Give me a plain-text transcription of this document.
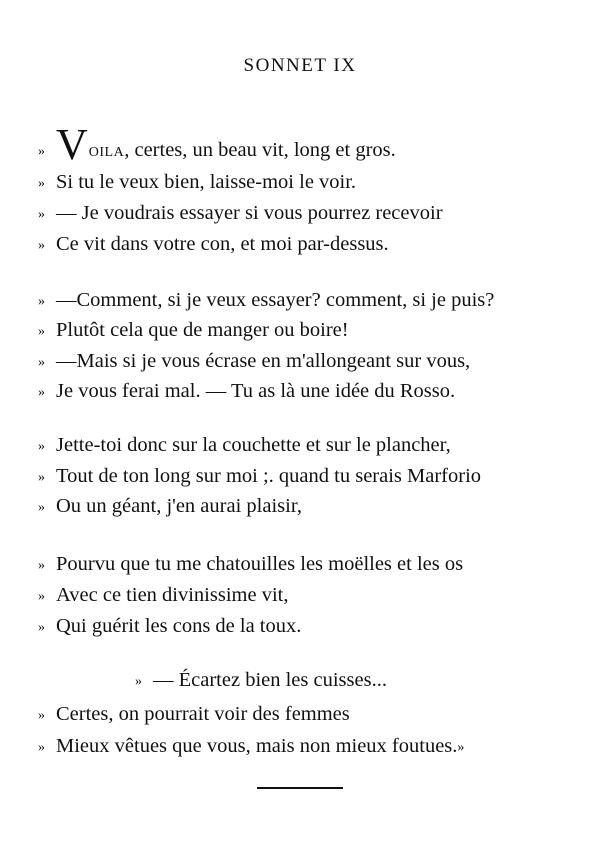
SONNET IX
» VOILA, certes, un beau vit, long et gros.
» Si tu le veux bien, laisse-moi le voir.
» — Je voudrais essayer si vous pourrez recevoir
» Ce vit dans votre con, et moi par-dessus.
» —Comment, si je veux essayer? comment, si je puis?
» Plutôt cela que de manger ou boire!
» —Mais si je vous écrase en m'allongeant sur vous,
» Je vous ferai mal. — Tu as là une idée du Rosso.
» Jette-toi donc sur la couchette et sur le plancher,
» Tout de ton long sur moi ;. quand tu serais Marforio
» Ou un géant, j'en aurai plaisir,
» Pourvu que tu me chatouilles les moëlles et les os
» Avec ce tien divinissime vit,
» Qui guérit les cons de la toux.
» — Écartez bien les cuisses...
» Certes, on pourrait voir des femmes
» Mieux vêtues que vous, mais non mieux foutues.»
